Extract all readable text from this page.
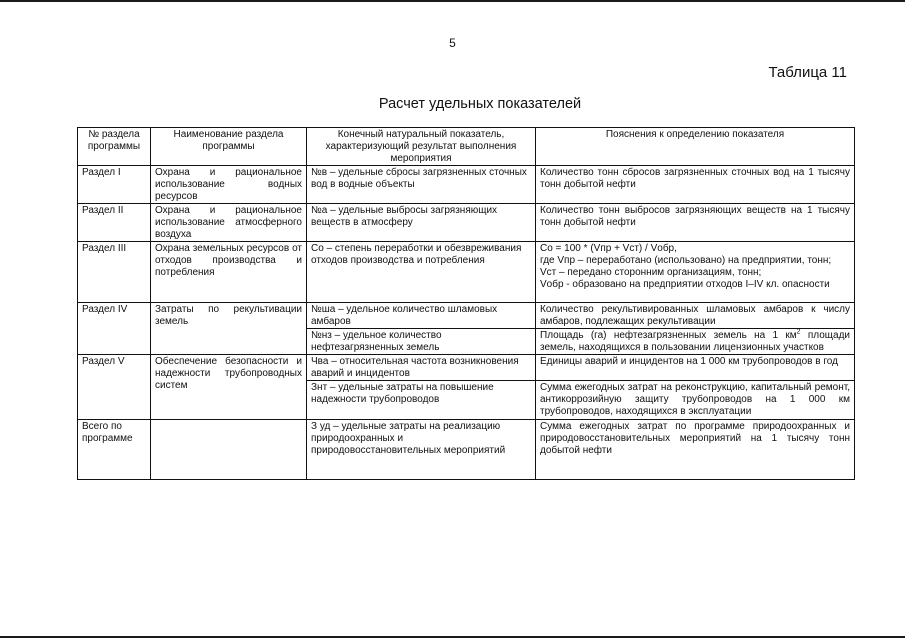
5
Таблица 11
Расчет удельных показателей
№ раздела программы	Наименование раздела программы	Конечный натуральный показатель, характеризующий результат выполнения мероприятия	Пояснения к определению показателя
Раздел I	Охрана и рациональное использование водных ресурсов	№в – удельные сбросы загрязненных сточных вод в водные объекты	Количество тонн сбросов загрязненных сточных вод на 1 тысячу тонн добытой нефти
Раздел II	Охрана и рациональное использование атмосферного воздуха	№а – удельные выбросы загрязняющих веществ в атмосферу	Количество тонн выбросов загрязняющих веществ на 1 тысячу тонн добытой нефти
Раздел III	Охрана земельных ресурсов от отходов производства и потребления	Со – степень переработки и обезвреживания отходов производства и потребления	Со = 100 * (Vпр + Vст) / Vобр,
где Vпр – переработано (использовано) на предприятии, тонн;
Vст – передано сторонним организациям, тонн;
Vобр - образовано на предприятии отходов I–IV кл. опасности

Раздел IV	Затраты по рекультивации земель	№шa – удельное количество шламовых амбаров	Количество рекультивированных шламовых амбаров к числу амбаров, подлежащих рекультивации
		№нз – удельное количество нефтезагрязненных земель	Площадь (га) нефтезагрязненных земель на 1 $км^2$ площади земель, находящихся в пользовании лицензионных участков
Раздел V	Обеспечение безопасности и надежности трубопроводных систем	Чва – относительная частота возникновения аварий и инцидентов	Единицы аварий и инцидентов на 1 000 км трубопроводов в год
		Знт – удельные затраты на повышение надежности трубопроводов	Сумма ежегодных затрат на реконструкцию, капитальный ремонт, антикоррозийную защиту трубопроводов на 1 000 км трубопроводов, находящихся в эксплуатации
Всего по программе		З уд – удельные затраты на реализацию природоохранных и природовосстановительных мероприятий	Сумма ежегодных затрат по программе природоохранных и природовосстановительных мероприятий на 1 тысячу тонн добытой нефти
